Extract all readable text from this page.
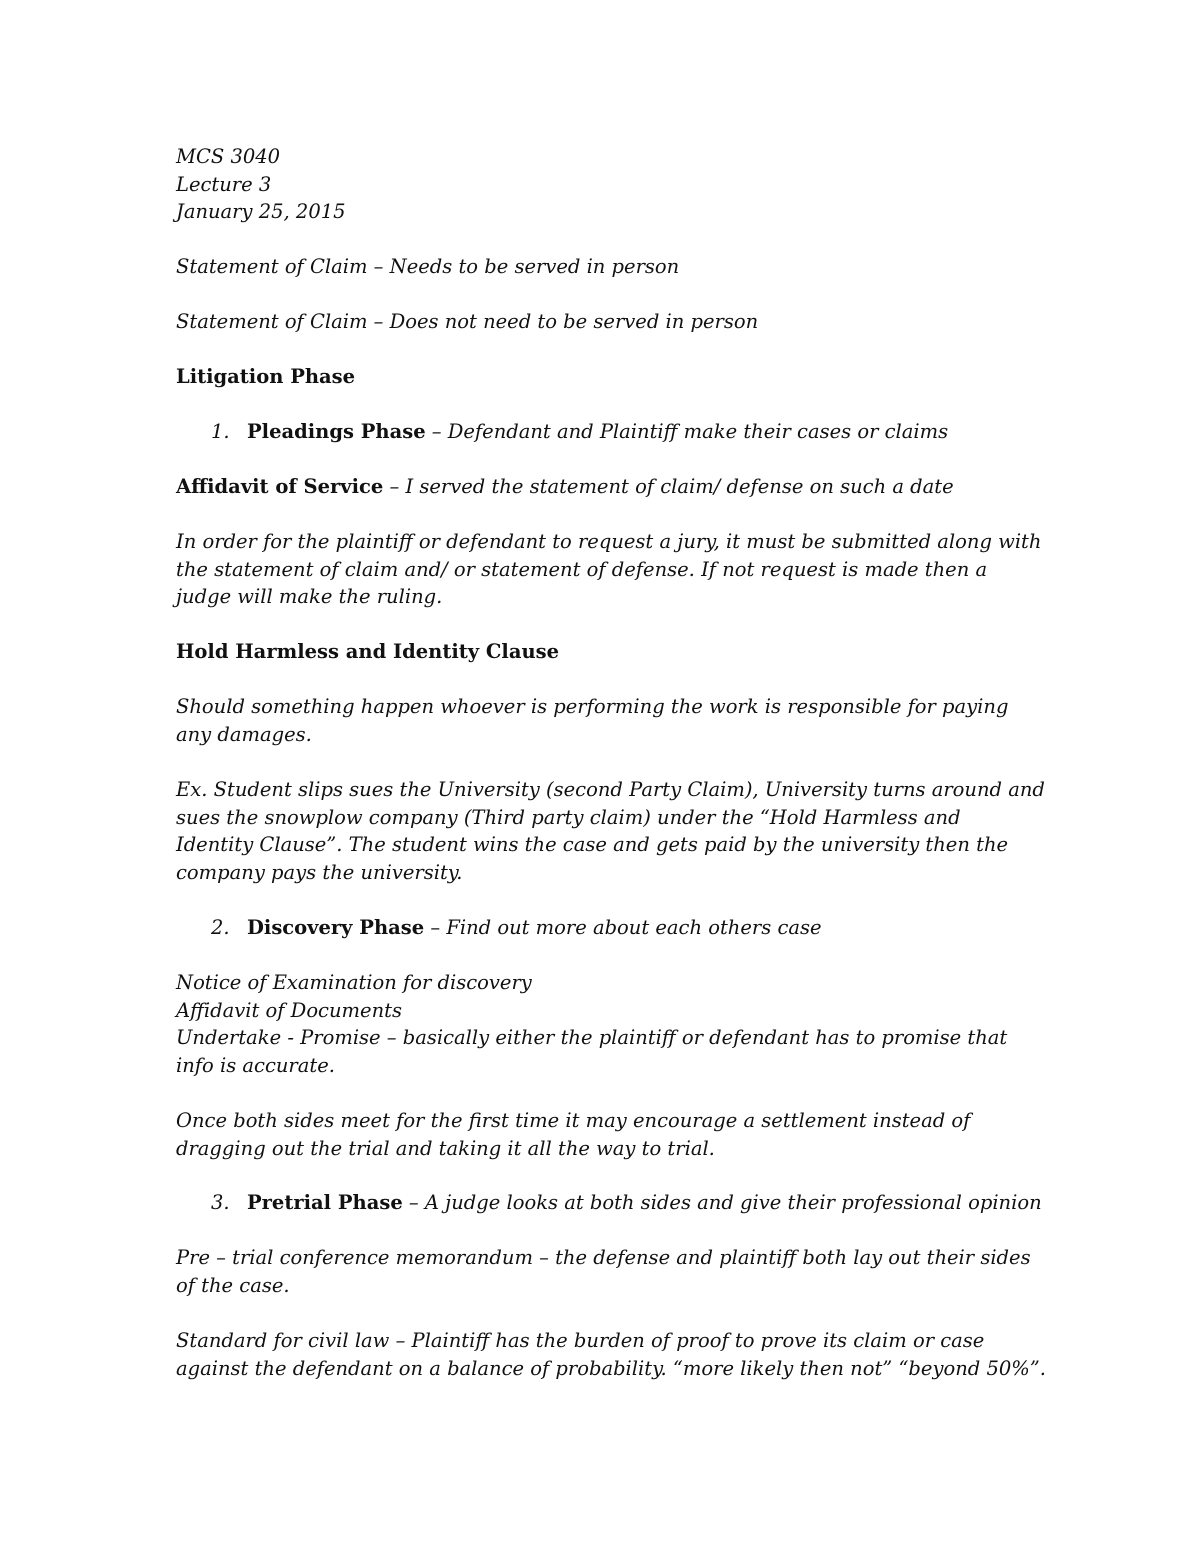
MCS 3040
Lecture 3
January 25, 2015
Statement of Claim – Needs to be served in person
Statement of Claim – Does not need to be served in person
Litigation Phase
1. Pleadings Phase – Defendant and Plaintiff make their cases or claims
Affidavit of Service – I served the statement of claim/ defense on such a date
In order for the plaintiff or defendant to request a jury, it must be submitted along with
the statement of claim and/ or statement of defense. If not request is made then a
judge will make the ruling.
Hold Harmless and Identity Clause
Should something happen whoever is performing the work is responsible for paying
any damages.
Ex. Student slips sues the University (second Party Claim), University turns around and
sues the snowplow company (Third party claim) under the “Hold Harmless and
Identity Clause”. The student wins the case and gets paid by the university then the
company pays the university.
2. Discovery Phase – Find out more about each others case
Notice of Examination for discovery
Affidavit of Documents
Undertake - Promise – basically either the plaintiff or defendant has to promise that
info is accurate.
Once both sides meet for the first time it may encourage a settlement instead of
dragging out the trial and taking it all the way to trial.
3. Pretrial Phase – A judge looks at both sides and give their professional opinion
Pre – trial conference memorandum – the defense and plaintiff both lay out their sides
of the case.
Standard for civil law – Plaintiff has the burden of proof to prove its claim or case
against the defendant on a balance of probability. “more likely then not” “beyond 50%”.
